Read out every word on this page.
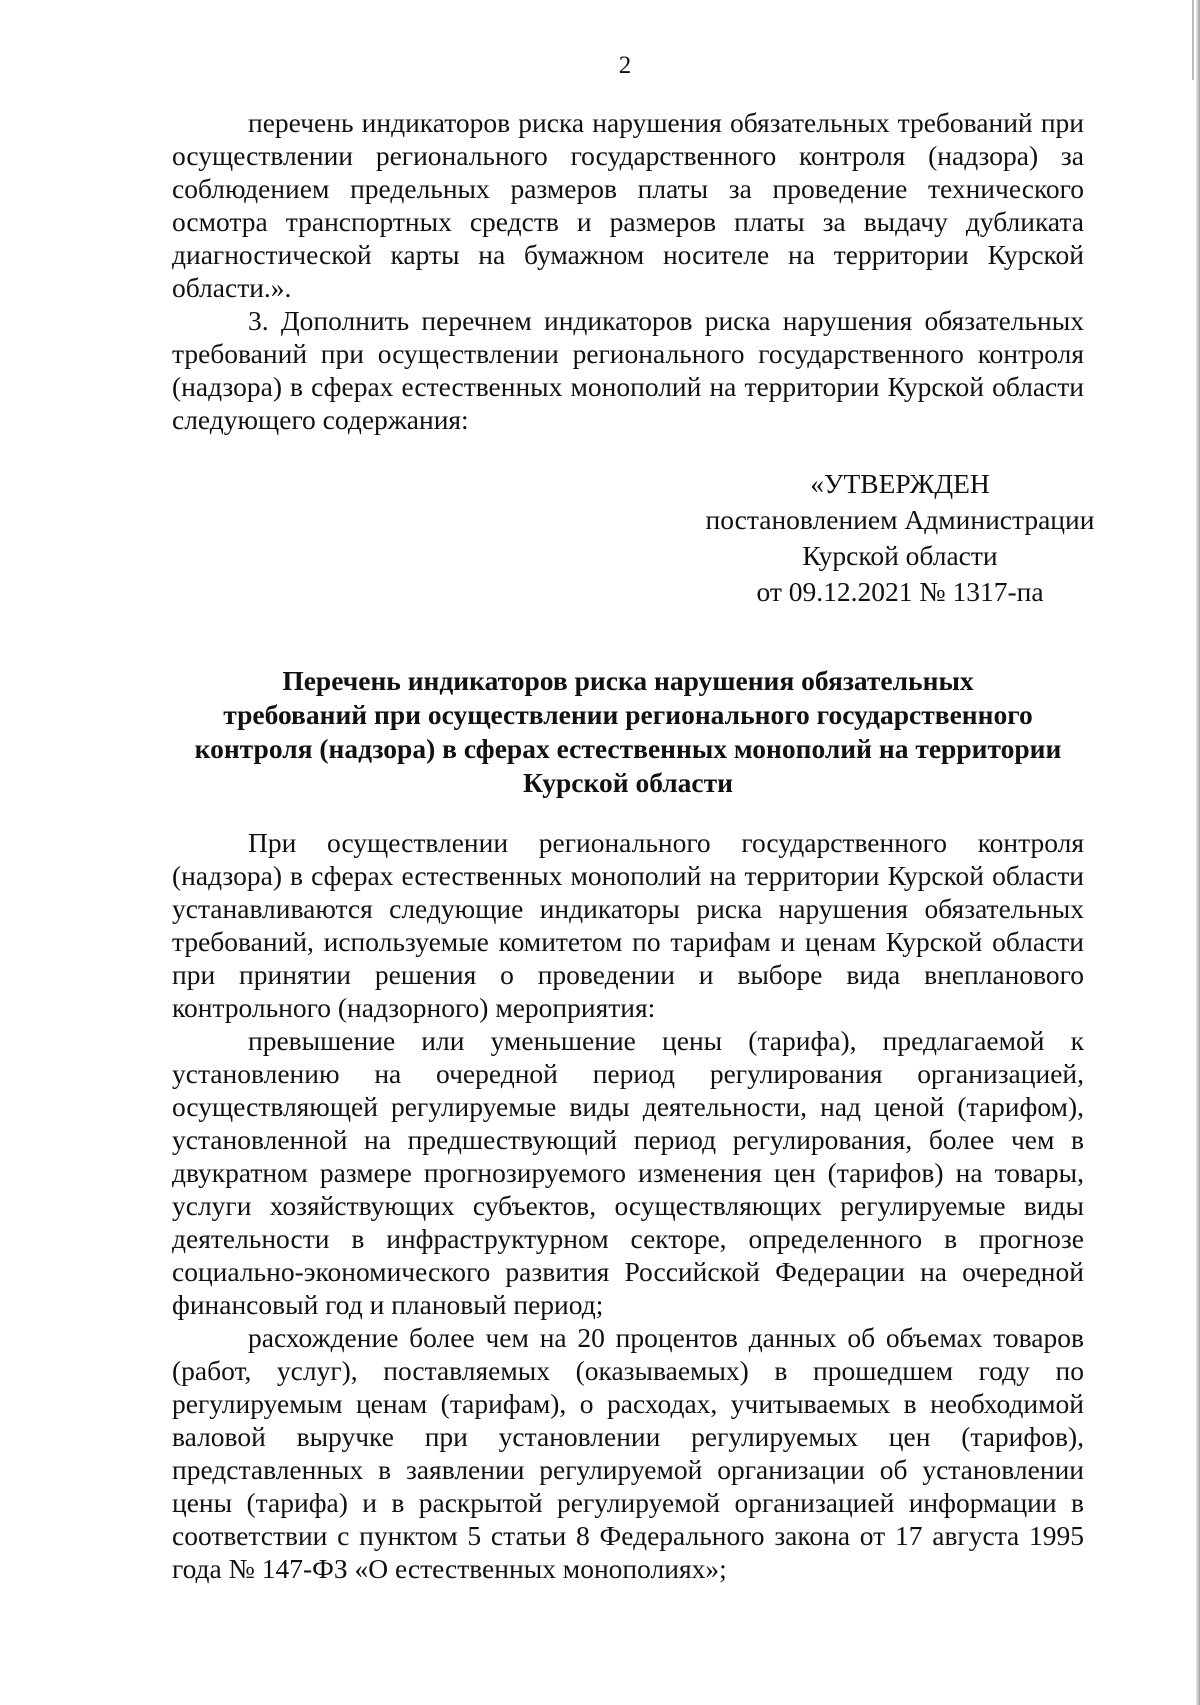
2

перечень индикаторов риска нарушения обязательных требований при осуществлении регионального государственного контроля (надзора) за соблюдением предельных размеров платы за проведение технического осмотра транспортных средств и размеров платы за выдачу дубликата диагностической карты на бумажном носителе на территории Курской области.».

3. Дополнить перечнем индикаторов риска нарушения обязательных требований при осуществлении регионального государственного контроля (надзора) в сферах естественных монополий на территории Курской области следующего содержания:

«УТВЕРЖДЕН
постановлением Администрации
Курской области
от 09.12.2021 № 1317-па
Перечень индикаторов риска нарушения обязательных
требований при осуществлении регионального государственного
контроля (надзора) в сферах естественных монополий на территории
Курской области

При осуществлении регионального государственного контроля (надзора) в сферах естественных монополий на территории Курской области устанавливаются следующие индикаторы риска нарушения обязательных требований, используемые комитетом по тарифам и ценам Курской области при принятии решения о проведении и выборе вида внепланового контрольного (надзорного) мероприятия:

превышение или уменьшение цены (тарифа), предлагаемой к установлению на очередной период регулирования организацией, осуществляющей регулируемые виды деятельности, над ценой (тарифом), установленной на предшествующий период регулирования, более чем в двукратном размере прогнозируемого изменения цен (тарифов) на товары, услуги хозяйствующих субъектов, осуществляющих регулируемые виды деятельности в инфраструктурном секторе, определенного в прогнозе социально-экономического развития Российской Федерации на очередной финансовый год и плановый период;

расхождение более чем на 20 процентов данных об объемах товаров (работ, услуг), поставляемых (оказываемых) в прошедшем году по регулируемым ценам (тарифам), о расходах, учитываемых в необходимой валовой выручке при установлении регулируемых цен (тарифов), представленных в заявлении регулируемой организации об установлении цены (тарифа) и в раскрытой регулируемой организацией информации в соответствии с пунктом 5 статьи 8 Федерального закона от 17 августа 1995 года № 147-ФЗ «О естественных монополиях»;
